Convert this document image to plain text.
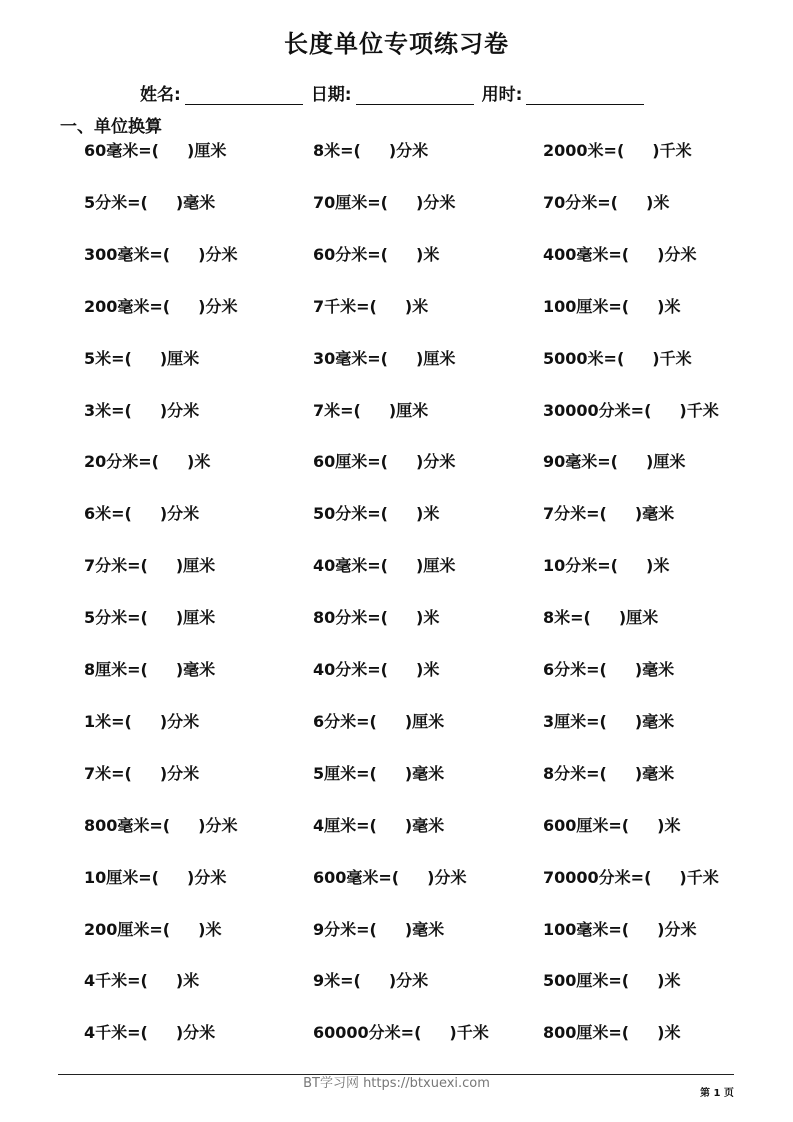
长度单位专项练习卷
姓名:	日期:	用时:
一、单位换算
60毫米=( )厘米	8米=( )分米	2000米=( )千米
5分米=( )毫米	70厘米=( )分米	70分米=( )米
300毫米=( )分米	60分米=( )米	400毫米=( )分米
200毫米=( )分米	7千米=( )米	100厘米=( )米
5米=( )厘米	30毫米=( )厘米	5000米=( )千米
3米=( )分米	7米=( )厘米	30000分米=( )千米
20分米=( )米	60厘米=( )分米	90毫米=( )厘米
6米=( )分米	50分米=( )米	7分米=( )毫米
7分米=( )厘米	40毫米=( )厘米	10分米=( )米
5分米=( )厘米	80分米=( )米	8米=( )厘米
8厘米=( )毫米	40分米=( )米	6分米=( )毫米
1米=( )分米	6分米=( )厘米	3厘米=( )毫米
7米=( )分米	5厘米=( )毫米	8分米=( )毫米
800毫米=( )分米	4厘米=( )毫米	600厘米=( )米
10厘米=( )分米	600毫米=( )分米	70000分米=( )千米
200厘米=( )米	9分米=( )毫米	100毫米=( )分米
4千米=( )米	9米=( )分米	500厘米=( )米
4千米=( )分米	60000分米=( )千米	800厘米=( )米
BT学习网 https://btxuexi.com
第 1 页
